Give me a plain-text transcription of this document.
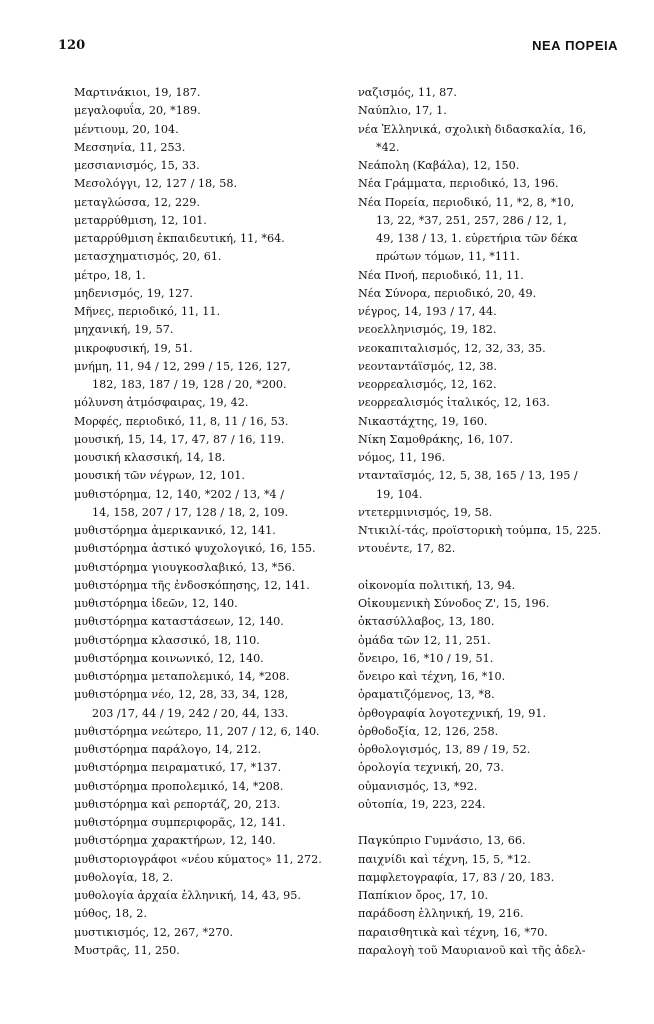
120	ΝΕΑ ΠΟΡΕΙΑ
Μαρτινάκιοι, 19, 187.
μεγαλοφυΐα, 20, *189.
μέντιουμ, 20, 104.
Μεσσηνία, 11, 253.
μεσσιανισμός, 15, 33.
Μεσολόγγι, 12, 127 / 18, 58.
μεταγλώσσα, 12, 229.
μεταρρύθμιση, 12, 101.
μεταρρύθμιση ἐκπαιδευτική, 11, *64.
μετασχηματισμός, 20, 61.
μέτρο, 18, 1.
μηδενισμός, 19, 127.
Μῆνες, περιοδικό, 11, 11.
μηχανική, 19, 57.
μικροφυσική, 19, 51.
μνήμη, 11, 94 / 12, 299 / 15, 126, 127,
182, 183, 187 / 19, 128 / 20, *200.
μόλυνση ἀτμόσφαιρας, 19, 42.
Μορφές, περιοδικό, 11, 8, 11 / 16, 53.
μουσική, 15, 14, 17, 47, 87 / 16, 119.
μουσική κλασσική, 14, 18.
μουσική τῶν νέγρων, 12, 101.
μυθιστόρημα, 12, 140, *202 / 13, *4 /
14, 158, 207 / 17, 128 / 18, 2, 109.
μυθιστόρημα ἀμερικανικό, 12, 141.
μυθιστόρημα ἀστικό ψυχολογικό, 16, 155.
μυθιστόρημα γιουγκοσλαβικό, 13, *56.
μυθιστόρημα τῆς ἐνδοσκόπησης, 12, 141.
μυθιστόρημα ἰδεῶν, 12, 140.
μυθιστόρημα καταστάσεων, 12, 140.
μυθιστόρημα κλασσικό, 18, 110.
μυθιστόρημα κοινωνικό, 12, 140.
μυθιστόρημα μεταπολεμικό, 14, *208.
μυθιστόρημα νέο, 12, 28, 33, 34, 128,
203 /17, 44 / 19, 242 / 20, 44, 133.
μυθιστόρημα νεώτερο, 11, 207 / 12, 6, 140.
μυθιστόρημα παράλογο, 14, 212.
μυθιστόρημα πειραματικό, 17, *137.
μυθιστόρημα προπολεμικό, 14, *208.
μυθιστόρημα καὶ ρεπορτάζ, 20, 213.
μυθιστόρημα συμπεριφορᾶς, 12, 141.
μυθιστόρημα χαρακτήρων, 12, 140.
μυθιστοριογράφοι «νέου κύματος» 11, 272.
μυθολογία, 18, 2.
μυθολογία ἀρχαία ἑλληνική, 14, 43, 95.
μύθος, 18, 2.
μυστικισμός, 12, 267, *270.
Μυστρᾶς, 11, 250.
ναζισμός, 11, 87.
Ναύπλιο, 17, 1.
νέα Ἑλληνικά, σχολικὴ διδασκαλία, 16,
*42.
Νεάπολη (Καβάλα), 12, 150.
Νέα Γράμματα, περιοδικό, 13, 196.
Νέα Πορεία, περιοδικό, 11, *2, 8, *10,
13, 22, *37, 251, 257, 286 / 12, 1,
49, 138 / 13, 1. εὑρετήρια τῶν δέκα
πρώτων τόμων, 11, *111.
Νέα Πνοή, περιοδικό, 11, 11.
Νέα Σύνορα, περιοδικό, 20, 49.
νέγρος, 14, 193 / 17, 44.
νεοελληνισμός, 19, 182.
νεοκαπιταλισμός, 12, 32, 33, 35.
νεονταντάϊσμός, 12, 38.
νεορρεαλισμός, 12, 162.
νεορρεαλισμός ἰταλικός, 12, 163.
Νικαστάχτης, 19, 160.
Νίκη Σαμοθράκης, 16, 107.
νόμος, 11, 196.
ντανταϊσμός, 12, 5, 38, 165 / 13, 195 /
19, 104.
ντετερμινισμός, 19, 58.
Ντικιλί-τάς, προϊστορικὴ τούμπα, 15, 225.
ντουέντε, 17, 82.
οἰκονομία πολιτική, 13, 94.
Οἰκουμενικὴ Σύνοδος Ζ', 15, 196.
ὀκτασύλλαβος, 13, 180.
ὁμάδα τῶν 12, 11, 251.
ὄνειρο, 16, *10 / 19, 51.
ὄνειρο καὶ τέχνη, 16, *10.
ὁραματιζόμενος, 13, *8.
ὀρθογραφία λογοτεχνική, 19, 91.
ὀρθοδοξία, 12, 126, 258.
ὀρθολογισμός, 13, 89 / 19, 52.
ὁρολογία τεχνική, 20, 73.
οὐμανισμός, 13, *92.
οὐτοπία, 19, 223, 224.
Παγκύπριο Γυμνάσιο, 13, 66.
παιχνίδι καὶ τέχνη, 15, 5, *12.
παμφλετογραφία, 17, 83 / 20, 183.
Παπίκιον ὄρος, 17, 10.
παράδοση ἑλληνική, 19, 216.
παραισθητικὰ καὶ τέχνη, 16, *70.
παραλογὴ τοῦ Μαυριανοῦ καὶ τῆς ἀδελ-
